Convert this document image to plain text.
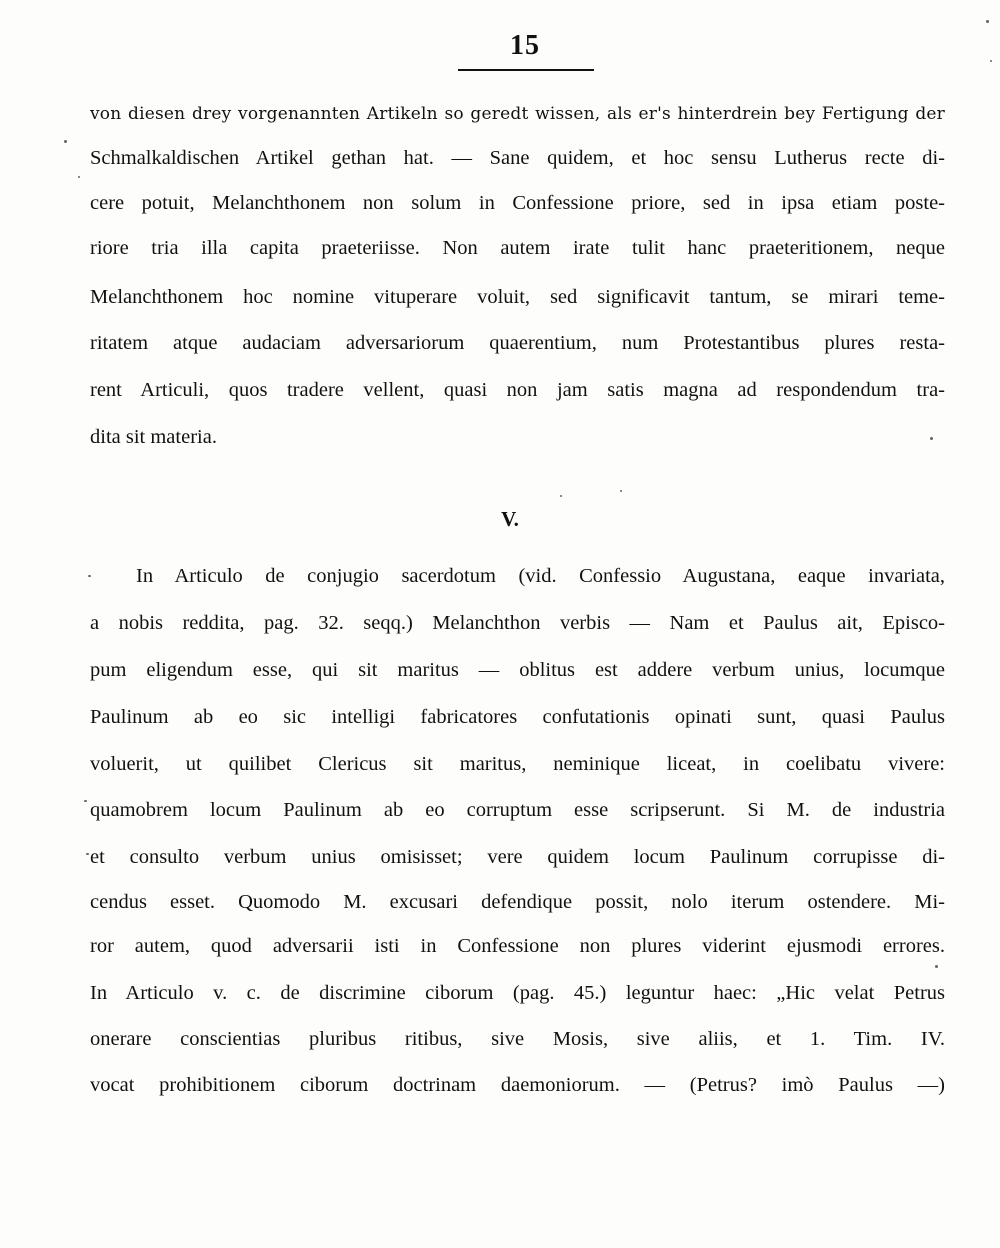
15
von diesen drey vorgenannten Artikeln so geredt wissen, als er's hinterdrein bey Fertigung der
Schmalkaldischen Artikel gethan hat. — Sane quidem, et hoc sensu Lutherus recte di-
cere potuit, Melanchthonem non solum in Confessione priore, sed in ipsa etiam poste-
riore tria illa capita praeteriisse. Non autem irate tulit hanc praeteritionem, neque
Melanchthonem hoc nomine vituperare voluit, sed significavit tantum, se mirari teme-
ritatem atque audaciam adversariorum quaerentium, num Protestantibus plures restа-
rent Articuli, quos tradere vellent, quasi non jam satis magna ad respondendum tra-
dita sit materia.
V.
In Articulo de conjugio sacerdotum (vid. Confessio Augustana, eaque invariata,
a nobis reddita, pag. 32. seqq.) Melanchthon verbis — Nam et Paulus ait, Episco-
pum eligendum esse, qui sit maritus — oblitus est addere verbum unius, locumque
Paulinum ab eo sic intelligi fabricatores confutationis opinati sunt, quasi Paulus
voluerit, ut quilibet Clericus sit maritus, neminique liceat, in coelibatu vivere:
quamobrem locum Paulinum ab eo corruptum esse scripserunt. Si M. de industria
et consulto verbum unius omisisset; vere quidem locum Paulinum corrupisse di-
cendus esset. Quomodo M. excusari defendique possit, nolo iterum ostendere. Mi-
ror autem, quod adversarii isti in Confessione non plures viderint ejusmodi errores.
In Articulo v. c. de discrimine ciborum (pag. 45.) leguntur haec: „Hic velat Petrus
onerare conscientias pluribus ritibus, sive Mosis, sive aliis, et 1. Tim. IV.
vocat prohibitionem ciborum doctrinam daemoniorum. — (Petrus? imò Paulus —)
